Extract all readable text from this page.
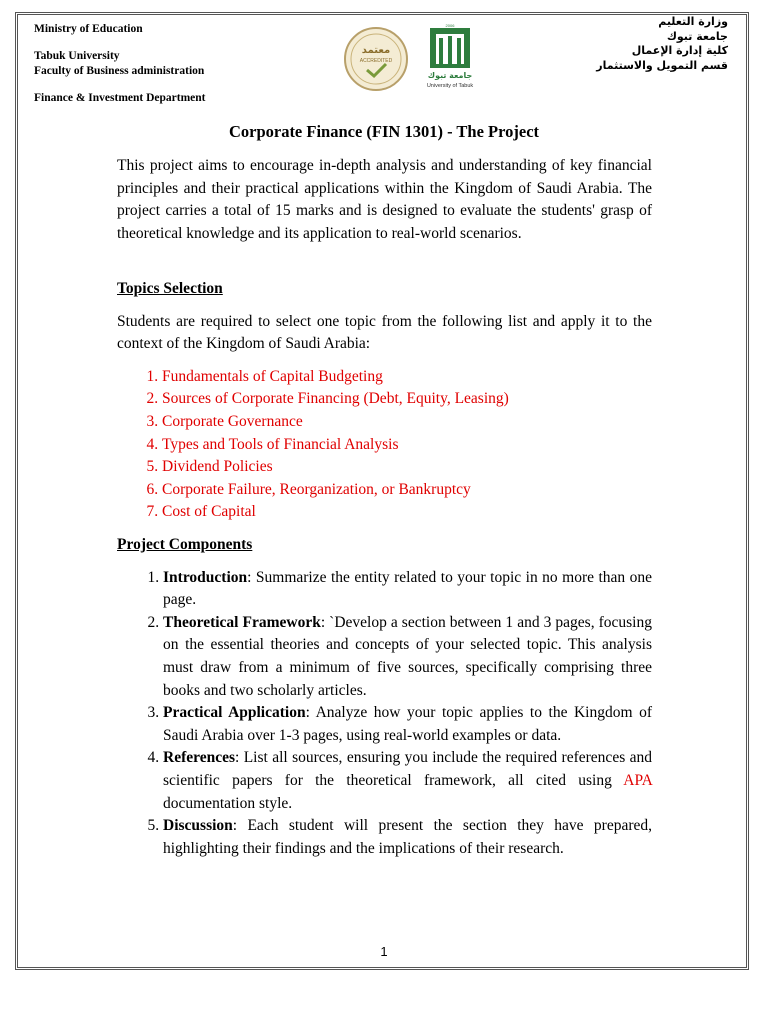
Ministry of Education
Tabuk University
Faculty of Business administration
Finance & Investment Department
معتمد
ACCREDITED
2006
جامعة تبوك
University of Tabuk
وزارة التعليم
جامعة تبوك
كلية إدارة الإعمال
قسم التمويل والاستثمار
Corporate Finance (FIN 1301) - The Project
This project aims to encourage in-depth analysis and understanding of key financial principles and their practical applications within the Kingdom of Saudi Arabia. The project carries a total of 15 marks and is designed to evaluate the students' grasp of theoretical knowledge and its application to real-world scenarios.
Topics Selection
Students are required to select one topic from the following list and apply it to the context of the Kingdom of Saudi Arabia:
1. Fundamentals of Capital Budgeting
2. Sources of Corporate Financing (Debt, Equity, Leasing)
3. Corporate Governance
4. Types and Tools of Financial Analysis
5. Dividend Policies
6. Corporate Failure, Reorganization, or Bankruptcy
7. Cost of Capital
Project Components
1. Introduction: Summarize the entity related to your topic in no more than one page.
2. Theoretical Framework: `Develop a section between 1 and 3 pages, focusing on the essential theories and concepts of your selected topic. This analysis must draw from a minimum of five sources, specifically comprising three books and two scholarly articles.
3. Practical Application: Analyze how your topic applies to the Kingdom of Saudi Arabia over 1-3 pages, using real-world examples or data.
4. References: List all sources, ensuring you include the required references and scientific papers for the theoretical framework, all cited using APA documentation style.
5. Discussion: Each student will present the section they have prepared, highlighting their findings and the implications of their research.
1
